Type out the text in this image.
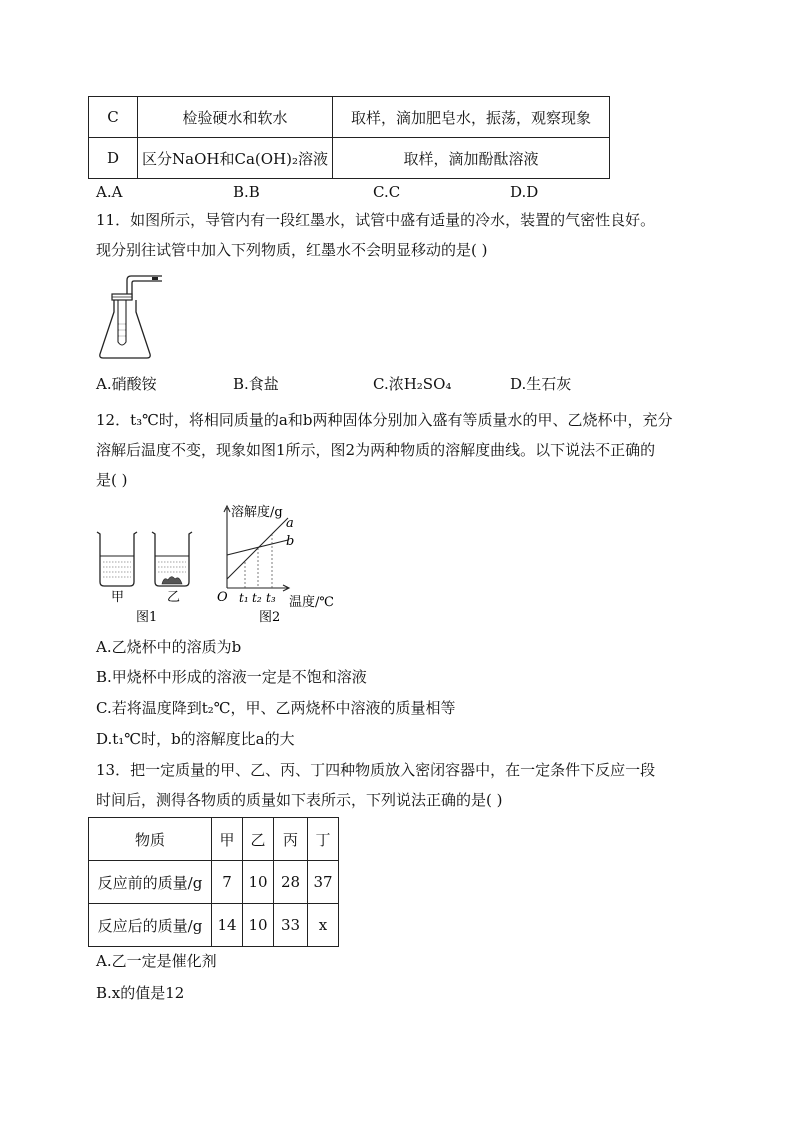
C	检验硬水和软水	取样，滴加肥皂水，振荡，观察现象
D	区分NaOH和Ca(OH)₂溶液	取样，滴加酚酞溶液
A.A	B.B	C.C	D.D
11．如图所示，导管内有一段红墨水，试管中盛有适量的冷水，装置的气密性良好。
现分别往试管中加入下列物质，红墨水不会明显移动的是( )
A.硝酸铵	B.食盐	C.浓H₂SO₄	D.生石灰
12．t₃℃时，将相同质量的a和b两种固体分别加入盛有等质量水的甲、乙烧杯中，充分
溶解后温度不变，现象如图1所示，图2为两种物质的溶解度曲线。以下说法不正确的
是( )
甲	乙
图1
溶解度/g
a
b
O t₁ t₂ t₃ 温度/℃
图2
A.乙烧杯中的溶质为b
B.甲烧杯中形成的溶液一定是不饱和溶液
C.若将温度降到t₂℃，甲、乙两烧杯中溶液的质量相等
D.t₁℃时，b的溶解度比a的大
13．把一定质量的甲、乙、丙、丁四种物质放入密闭容器中，在一定条件下反应一段
时间后，测得各物质的质量如下表所示，下列说法正确的是( )
物质	甲	乙	丙	丁
反应前的质量/g	7	10	28	37
反应后的质量/g	14	10	33	x
A.乙一定是催化剂
B.x的值是12
